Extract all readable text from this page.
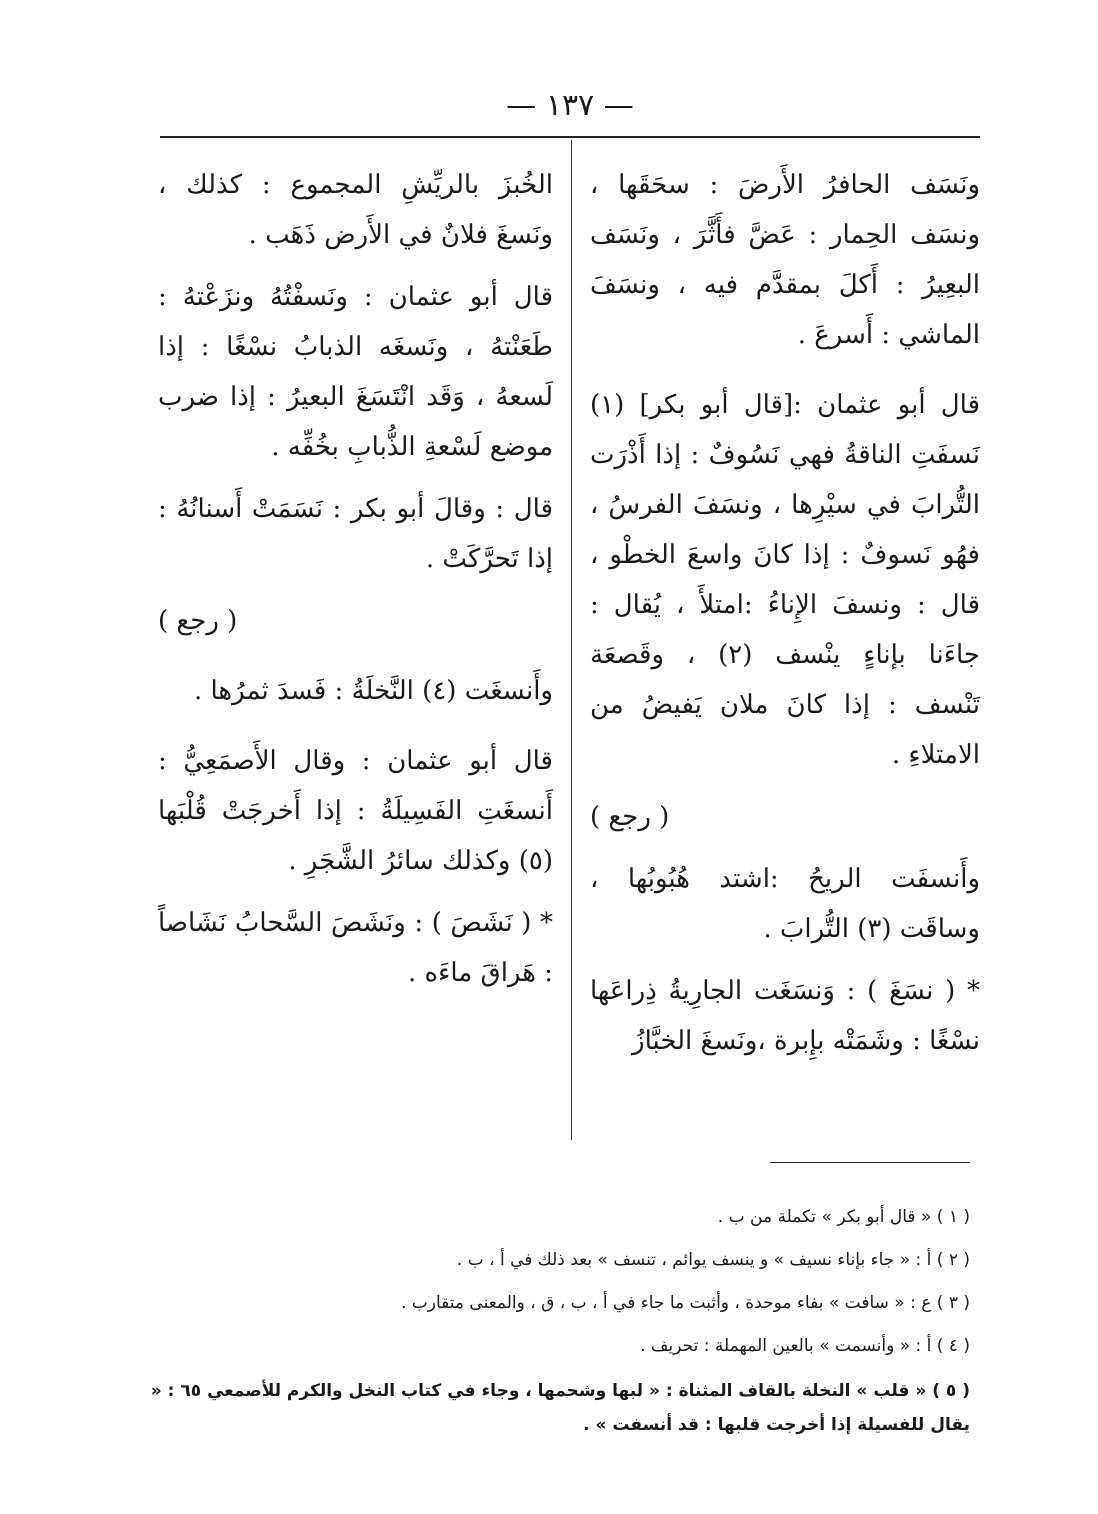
— ١٣٧ —

ونَسَف الحافرُ الأَرضَ : سحَقَها ، ونسَف الحِمار : عَضَّ فأَثَّرَ ، ونَسَف البعِيرُ : أَكلَ بمقدَّم فيه ، ونسَفَ الماشي : أَسرعَ .

قال أبو عثمان :[قال أبو بكر] (١) نَسفَتِ الناقةُ فهي نَسُوفٌ : إذا أَذْرَت التُّرابَ في سيْرِها ، ونسَفَ الفرسُ ، فهُو نَسوفٌ : إذا كانَ واسعَ الخطْو ، قال : ونسفَ الإِناءُ :امتلأَ ، يُقال : جاءَنا بإناءٍ ينْسف (٢) ، وقَصعَة تَنْسف : إذا كانَ ملان يَفيضُ من الامتلاءِ .

( رجع )

وأَنسفَت الريحُ :اشتد هُبُوبُها ، وساقَت (٣) التُّرابَ .

* ( نسَغَ ) : وَنسَغَت الجارِيةُ ذِراعَها نسْغًا : وشَمَتْه بإِبرة ،ونَسغَ الخبَّازُ

الخُبزَ بالريِّشِ المجموع : كذلك ، ونَسغَ فلانٌ في الأَرض ذَهَب .

قال أبو عثمان : ونَسفْتُهُ ونزَعْتهُ : طَعَنْتهُ ، ونَسغَه الذبابُ نسْغًا : إذا لَسعهُ ، وَقَد انْتَسَغَ البعيرُ : إذا ضرب موضع لَسْعةِ الذُّبابِ بخُفِّه .

قال : وقالَ أبو بكر : نَسَمَتْ أَسنانُهُ : إذا تَحرَّكَتْ .

( رجع )

وأَنسغَت (٤) النَّخلَةُ : فَسدَ ثمرُها .

قال أبو عثمان : وقال الأَصمَعِيُّ : أَنسغَتِ الفَسِيلَةُ : إذا أَخرجَتْ قُلْبَها (٥) وكذلك سائرُ الشَّجَرِ .

* ( نَشَصَ ) : ونَشَصَ السَّحابُ نَشَاصاً : هَراقَ ماءَه .

( ١ ) « قال أبو بكر » تكملة من ب .

( ٢ ) أ : « جاء بإناء نسيف » و ينسف يوائم ، تنسف » بعد ذلك في أ ، ب .

( ٣ ) ع : « سافت » بفاء موحدة ، وأثبت ما جاء في أ ، ب ، ق ، والمعنى متقارب .

( ٤ ) أ : « وأنسمت » بالعين المهملة : تحريف .

( ٥ ) « قلب » النخلة بالقاف المثناة : « لبها وشحمها ، وجاء في كتاب النخل والكرم للأصمعي ٦٥ : « يقال للفسيلة إذا أخرجت قلبها : قد أنسفت » .
